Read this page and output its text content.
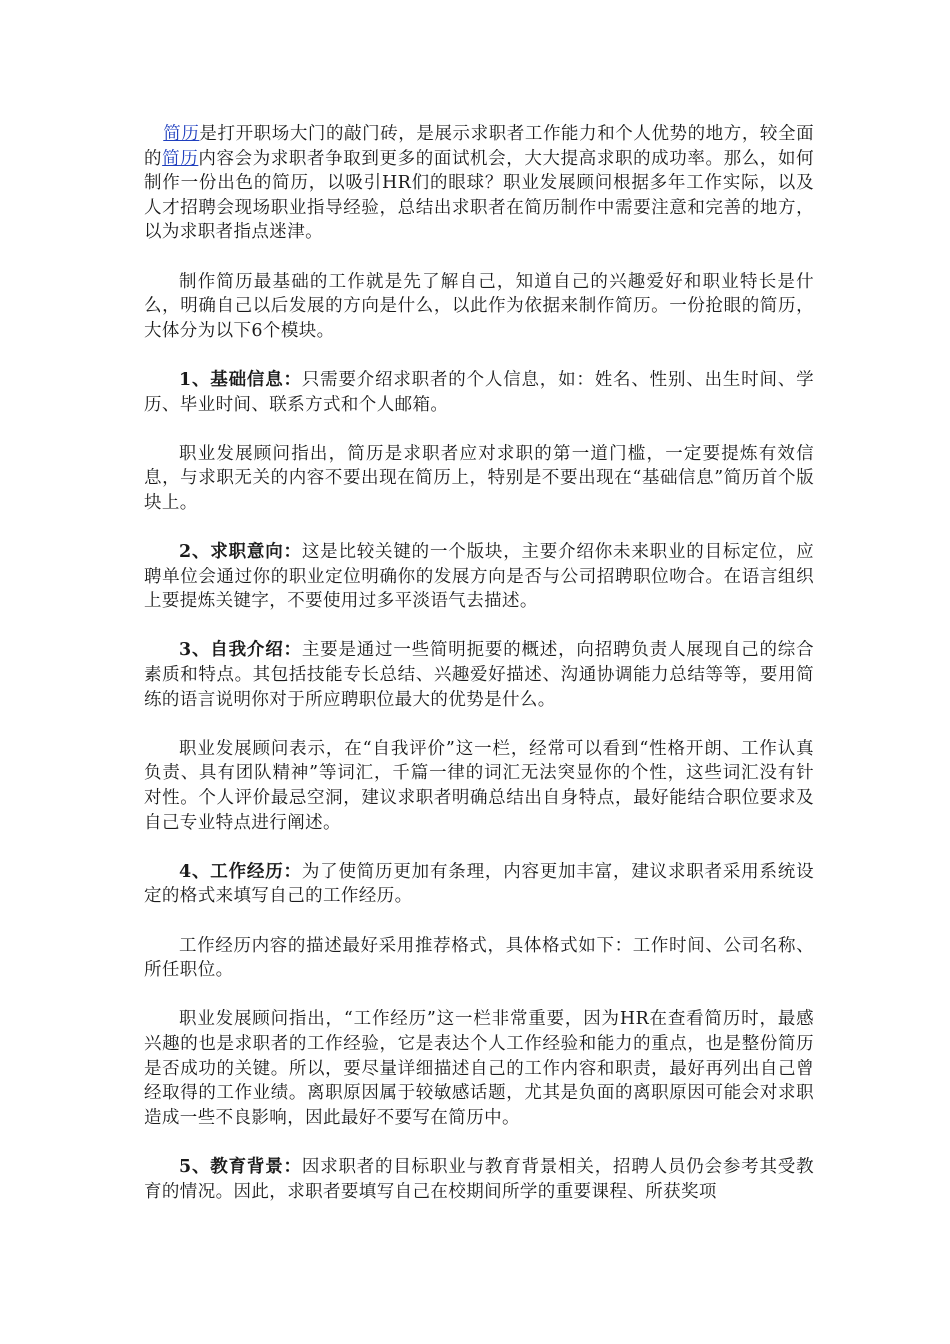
简历是打开职场大门的敲门砖，是展示求职者工作能力和个人优势的地方，较全面的简历内容会为求职者争取到更多的面试机会，大大提高求职的成功率。那么，如何制作一份出色的简历，以吸引HR们的眼球？职业发展顾问根据多年工作实际，以及人才招聘会现场职业指导经验，总结出求职者在简历制作中需要注意和完善的地方，以为求职者指点迷津。

制作简历最基础的工作就是先了解自己，知道自己的兴趣爱好和职业特长是什么，明确自己以后发展的方向是什么，以此作为依据来制作简历。一份抢眼的简历，大体分为以下6个模块。

1、基础信息：只需要介绍求职者的个人信息，如：姓名、性别、出生时间、学历、毕业时间、联系方式和个人邮箱。

职业发展顾问指出，简历是求职者应对求职的第一道门槛，一定要提炼有效信息，与求职无关的内容不要出现在简历上，特别是不要出现在“基础信息”简历首个版块上。

2、求职意向：这是比较关键的一个版块，主要介绍你未来职业的目标定位，应聘单位会通过你的职业定位明确你的发展方向是否与公司招聘职位吻合。在语言组织上要提炼关键字，不要使用过多平淡语气去描述。

3、自我介绍：主要是通过一些简明扼要的概述，向招聘负责人展现自己的综合素质和特点。其包括技能专长总结、兴趣爱好描述、沟通协调能力总结等等，要用简练的语言说明你对于所应聘职位最大的优势是什么。

职业发展顾问表示，在“自我评价”这一栏，经常可以看到“性格开朗、工作认真负责、具有团队精神”等词汇，千篇一律的词汇无法突显你的个性，这些词汇没有针对性。个人评价最忌空洞，建议求职者明确总结出自身特点，最好能结合职位要求及自己专业特点进行阐述。

4、工作经历：为了使简历更加有条理，内容更加丰富，建议求职者采用系统设定的格式来填写自己的工作经历。

工作经历内容的描述最好采用推荐格式，具体格式如下：工作时间、公司名称、所任职位。

职业发展顾问指出，“工作经历”这一栏非常重要，因为HR在查看简历时，最感兴趣的也是求职者的工作经验，它是表达个人工作经验和能力的重点，也是整份简历是否成功的关键。所以，要尽量详细描述自己的工作内容和职责，最好再列出自己曾经取得的工作业绩。离职原因属于较敏感话题，尤其是负面的离职原因可能会对求职造成一些不良影响，因此最好不要写在简历中。

5、教育背景：因求职者的目标职业与教育背景相关，招聘人员仍会参考其受教育的情况。因此，求职者要填写自己在校期间所学的重要课程、所获奖项
